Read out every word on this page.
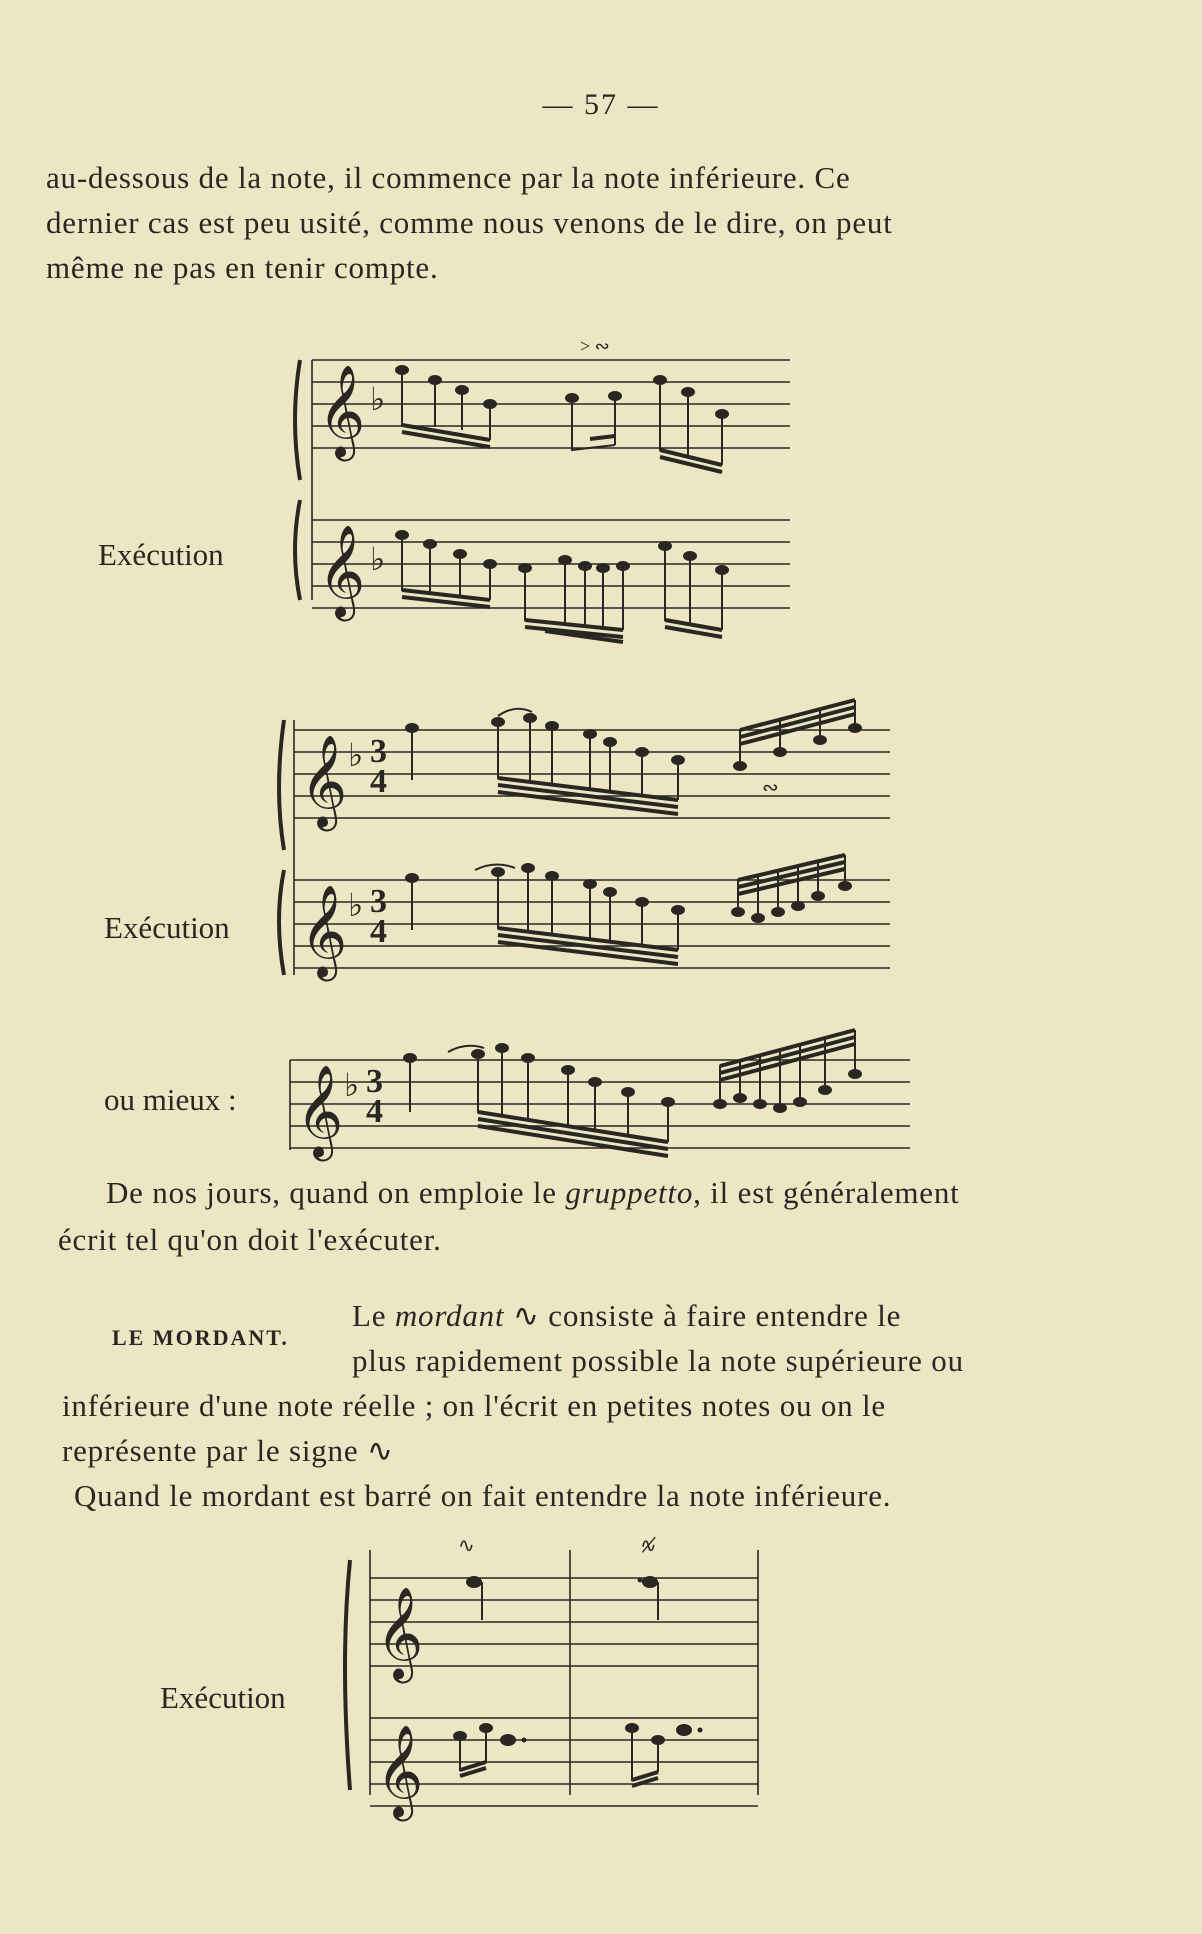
— 57 —
au-dessous de la note, il commence par la note inférieure. Ce
dernier cas est peu usité, comme nous venons de le dire, on peut
même ne pas en tenir compte.
𝄞
𝄞
♭
♭
> ∾
Exécution
𝄞
𝄞
♭
♭
3
4
3
4
∾
Exécution
𝄞 ♭ 3
4
ou mieux :
De nos jours, quand on emploie le gruppetto, il est généralement
écrit tel qu'on doit l'exécuter.
LE MORDANT.
Le mordant ∿ consiste à faire entendre le
plus rapidement possible la note supérieure ou
inférieure d'une note réelle ; on l'écrit en petites notes ou on le
représente par le signe ∿
Quand le mordant est barré on fait entendre la note inférieure.
𝄞
𝄞
∿	∿̸
Exécution
